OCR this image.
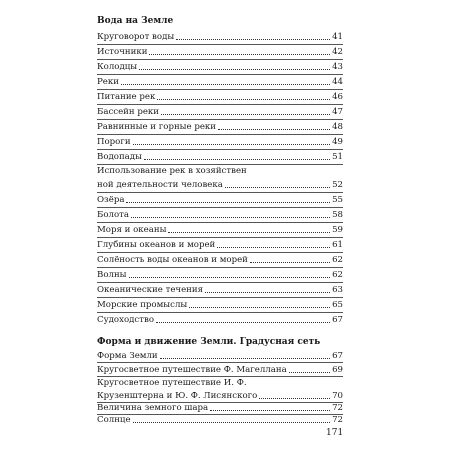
Вода на Земле
Круговорот воды	41
Источники	42
Колодцы	43
Реки	44
Питание рек	46
Бассейн реки	47
Равнинные и горные реки	48
Пороги	49
Водопады	51
Использование рек в хозяйствен
ной деятельности человека	52
Озёра	55
Болота	58
Моря и океаны	59
Глубины океанов и морей	61
Солёность воды океанов и морей	62
Волны	62
Океанические течения	63
Морские промыслы	65
Судоходство	67
Форма и движение Земли. Градусная сеть
Форма Земли	67
Кругосветное путешествие Ф. Магеллана	69
Кругосветное путешествие И. Ф.
Крузенштерна и Ю. Ф. Лисянского	70
Величина земного шара	72
Солнце	72
171
